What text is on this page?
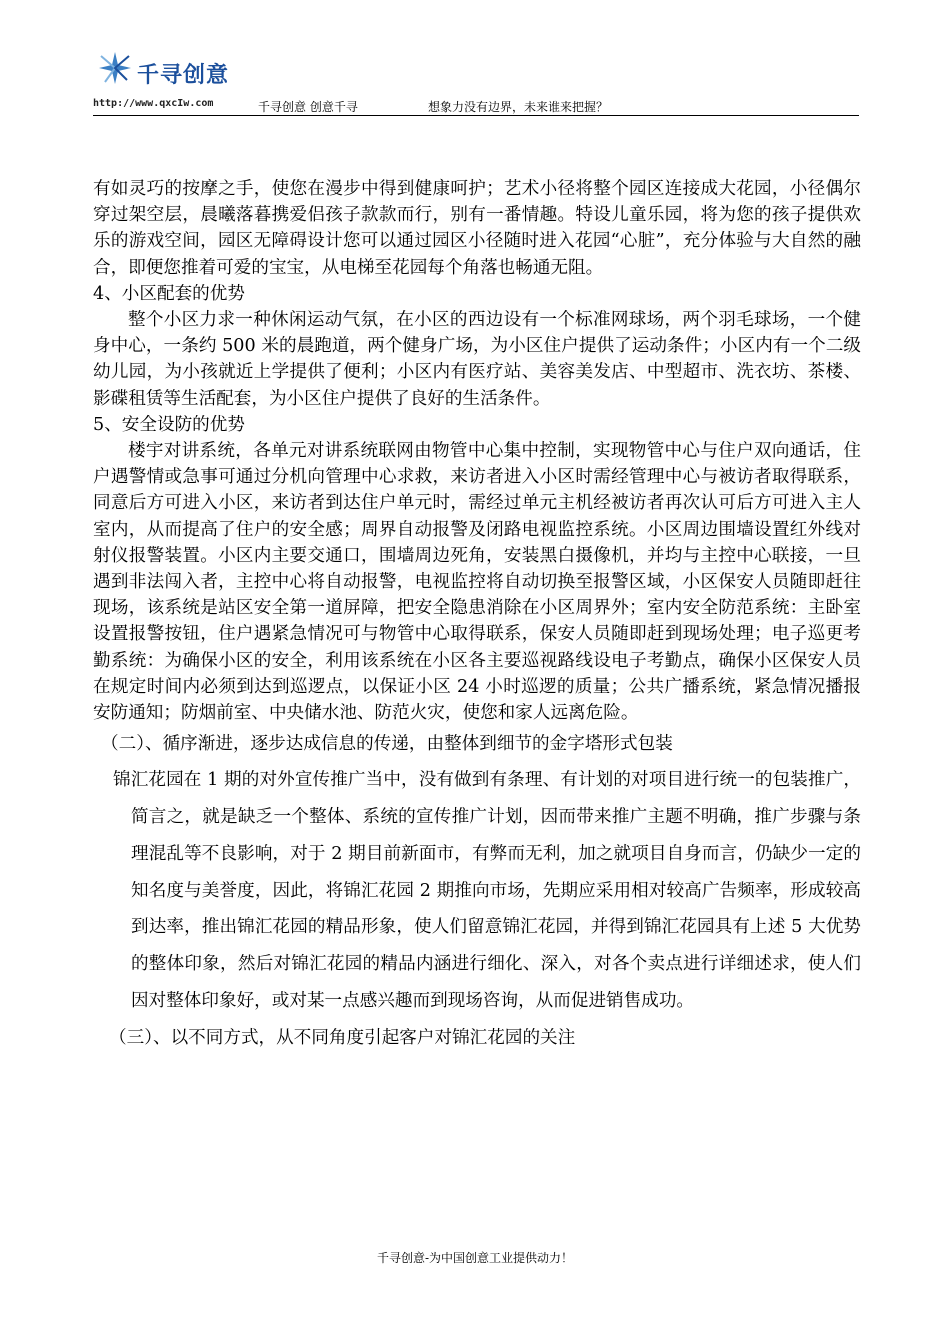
千寻创意
http://www.qxcIw.com	千寻创意 创意千寻	想象力没有边界，未来谁来把握？

有如灵巧的按摩之手，使您在漫步中得到健康呵护；艺术小径将整个园区连接成大花园，小径偶尔穿过架空层，晨曦落暮携爱侣孩子款款而行，别有一番情趣。特设儿童乐园，将为您的孩子提供欢乐的游戏空间，园区无障碍设计您可以通过园区小径随时进入花园“心脏”，充分体验与大自然的融合，即便您推着可爱的宝宝，从电梯至花园每个角落也畅通无阻。

4、小区配套的优势

整个小区力求一种休闲运动气氛，在小区的西边设有一个标准网球场，两个羽毛球场，一个健身中心，一条约 500 米的晨跑道，两个健身广场，为小区住户提供了运动条件；小区内有一个二级幼儿园，为小孩就近上学提供了便利；小区内有医疗站、美容美发店、中型超市、洗衣坊、茶楼、影碟租赁等生活配套，为小区住户提供了良好的生活条件。

5、安全设防的优势

楼宇对讲系统，各单元对讲系统联网由物管中心集中控制，实现物管中心与住户双向通话，住户遇警情或急事可通过分机向管理中心求救，来访者进入小区时需经管理中心与被访者取得联系，同意后方可进入小区，来访者到达住户单元时，需经过单元主机经被访者再次认可后方可进入主人室内，从而提高了住户的安全感；周界自动报警及闭路电视监控系统。小区周边围墙设置红外线对射仪报警装置。小区内主要交通口，围墙周边死角，安装黑白摄像机，并均与主控中心联接，一旦遇到非法闯入者，主控中心将自动报警，电视监控将自动切换至报警区域，小区保安人员随即赶往现场，该系统是站区安全第一道屏障，把安全隐患消除在小区周界外；室内安全防范系统：主卧室设置报警按钮，住户遇紧急情况可与物管中心取得联系，保安人员随即赶到现场处理；电子巡更考勤系统：为确保小区的安全，利用该系统在小区各主要巡视路线设电子考勤点，确保小区保安人员在规定时间内必须到达到巡逻点，以保证小区 24 小时巡逻的质量；公共广播系统，紧急情况播报安防通知；防烟前室、中央储水池、防范火灾，使您和家人远离危险。

（二）、循序渐进，逐步达成信息的传递，由整体到细节的金字塔形式包装

锦汇花园在 1 期的对外宣传推广当中，没有做到有条理、有计划的对项目进行统一的包装推广，简言之，就是缺乏一个整体、系统的宣传推广计划，因而带来推广主题不明确，推广步骤与条理混乱等不良影响，对于 2 期目前新面市，有弊而无利，加之就项目自身而言，仍缺少一定的知名度与美誉度，因此，将锦汇花园 2 期推向市场，先期应采用相对较高广告频率，形成较高到达率，推出锦汇花园的精品形象，使人们留意锦汇花园，并得到锦汇花园具有上述 5 大优势的整体印象，然后对锦汇花园的精品内涵进行细化、深入，对各个卖点进行详细述求，使人们因对整体印象好，或对某一点感兴趣而到现场咨询，从而促进销售成功。

（三）、以不同方式，从不同角度引起客户对锦汇花园的关注

千寻创意-为中国创意工业提供动力！
